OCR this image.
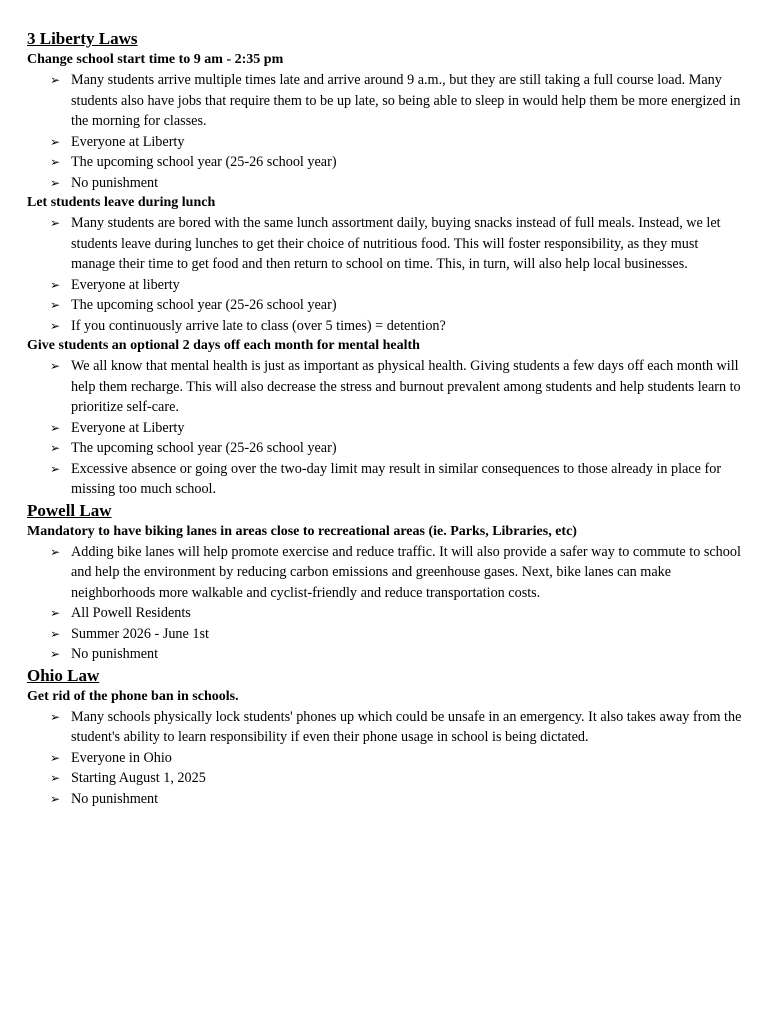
3 Liberty Laws
Change school start time to 9 am - 2:35 pm
➢ Many students arrive multiple times late and arrive around 9 a.m., but they are still taking a full course load. Many students also have jobs that require them to be up late, so being able to sleep in would help them be more energized in the morning for classes.
➢ Everyone at Liberty
➢ The upcoming school year (25-26 school year)
➢ No punishment
Let students leave during lunch
➢ Many students are bored with the same lunch assortment daily, buying snacks instead of full meals. Instead, we let students leave during lunches to get their choice of nutritious food. This will foster responsibility, as they must manage their time to get food and then return to school on time. This, in turn, will also help local businesses.
➢ Everyone at liberty
➢ The upcoming school year (25-26 school year)
➢ If you continuously arrive late to class (over 5 times) = detention?
Give students an optional 2 days off each month for mental health
➢ We all know that mental health is just as important as physical health. Giving students a few days off each month will help them recharge. This will also decrease the stress and burnout prevalent among students and help students learn to prioritize self-care.
➢ Everyone at Liberty
➢ The upcoming school year (25-26 school year)
➢ Excessive absence or going over the two-day limit may result in similar consequences to those already in place for missing too much school.
Powell Law
Mandatory to have biking lanes in areas close to recreational areas (ie. Parks, Libraries, etc)
➢ Adding bike lanes will help promote exercise and reduce traffic. It will also provide a safer way to commute to school and help the environment by reducing carbon emissions and greenhouse gases. Next, bike lanes can make neighborhoods more walkable and cyclist-friendly and reduce transportation costs.
➢ All Powell Residents
➢ Summer 2026 - June 1st
➢ No punishment
Ohio Law
Get rid of the phone ban in schools.
➢ Many schools physically lock students' phones up which could be unsafe in an emergency. It also takes away from the student's ability to learn responsibility if even their phone usage in school is being dictated.
➢ Everyone in Ohio
➢ Starting August 1, 2025
➢ No punishment
